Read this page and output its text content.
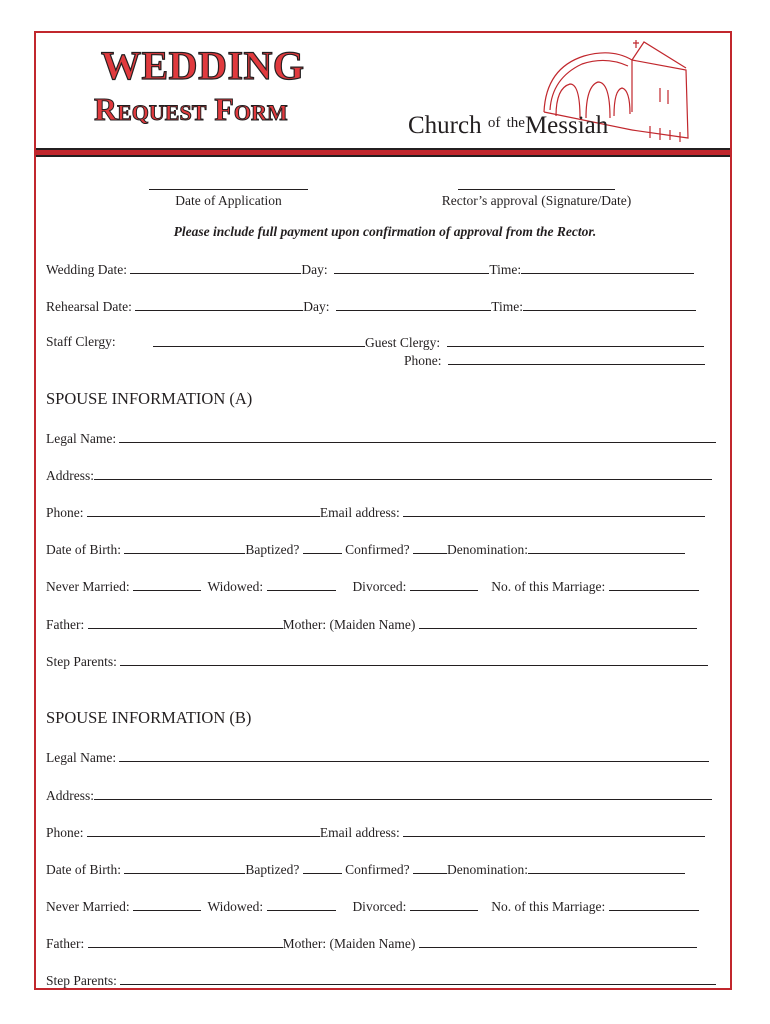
WEDDING
Request Form	Church $^{of}$ $^{the}$Messiah
Date of Application	Rector’s approval (Signature/Date)
Please include full payment upon confirmation of approval from the Rector.
Wedding Date:	Day:	Time:
Rehearsal Date:	Day:	Time:
Staff Clergy:	Guest Clergy:
Phone:
SPOUSE INFORMATION (A)
Legal Name:
Address:
Phone:	Email address:
Date of Birth:	Baptized?	Confirmed?	Denomination:
Never Married:	Widowed:	Divorced:	No. of this Marriage:
Father:	Mother: (Maiden Name)
Step Parents:
SPOUSE INFORMATION (B)
Legal Name:
Address:
Phone:	Email address:
Date of Birth:	Baptized?	Confirmed?	Denomination:
Never Married:	Widowed:	Divorced:	No. of this Marriage:
Father:	Mother: (Maiden Name)
Step Parents:
